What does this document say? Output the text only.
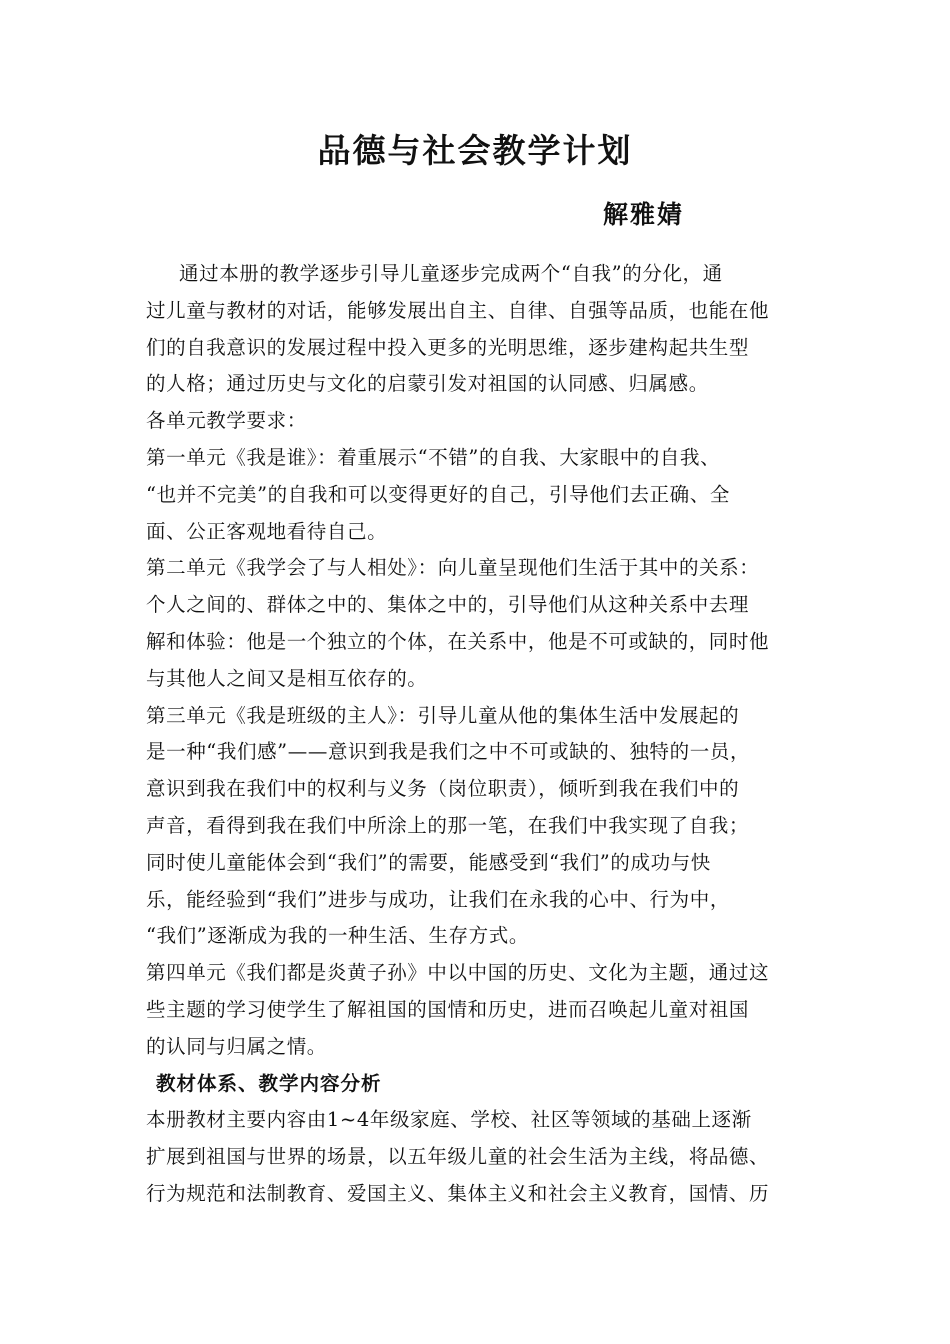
品德与社会教学计划
解雅婧
通过本册的教学逐步引导儿童逐步完成两个“自我”的分化，通
过儿童与教材的对话，能够发展出自主、自律、自强等品质，也能在他
们的自我意识的发展过程中投入更多的光明思维，逐步建构起共生型
的人格；通过历史与文化的启蒙引发对祖国的认同感、归属感。
各单元教学要求：
第一单元《我是谁》：着重展示“不错”的自我、大家眼中的自我、
“也并不完美”的自我和可以变得更好的自己，引导他们去正确、全
面、公正客观地看待自己。
第二单元《我学会了与人相处》：向儿童呈现他们生活于其中的关系：
个人之间的、群体之中的、集体之中的，引导他们从这种关系中去理
解和体验：他是一个独立的个体，在关系中，他是不可或缺的，同时他
与其他人之间又是相互依存的。
第三单元《我是班级的主人》：引导儿童从他的集体生活中发展起的
是一种“我们感”——意识到我是我们之中不可或缺的、独特的一员，
意识到我在我们中的权利与义务（岗位职责），倾听到我在我们中的
声音，看得到我在我们中所涂上的那一笔，在我们中我实现了自我；
同时使儿童能体会到“我们”的需要，能感受到“我们”的成功与快
乐，能经验到“我们”进步与成功，让我们在永我的心中、行为中，
“我们”逐渐成为我的一种生活、生存方式。
第四单元《我们都是炎黄子孙》中以中国的历史、文化为主题，通过这
些主题的学习使学生了解祖国的国情和历史，进而召唤起儿童对祖国
的认同与归属之情。
教材体系、教学内容分析
本册教材主要内容由1~4年级家庭、学校、社区等领域的基础上逐渐
扩展到祖国与世界的场景，以五年级儿童的社会生活为主线，将品德、
行为规范和法制教育、爱国主义、集体主义和社会主义教育，国情、历
